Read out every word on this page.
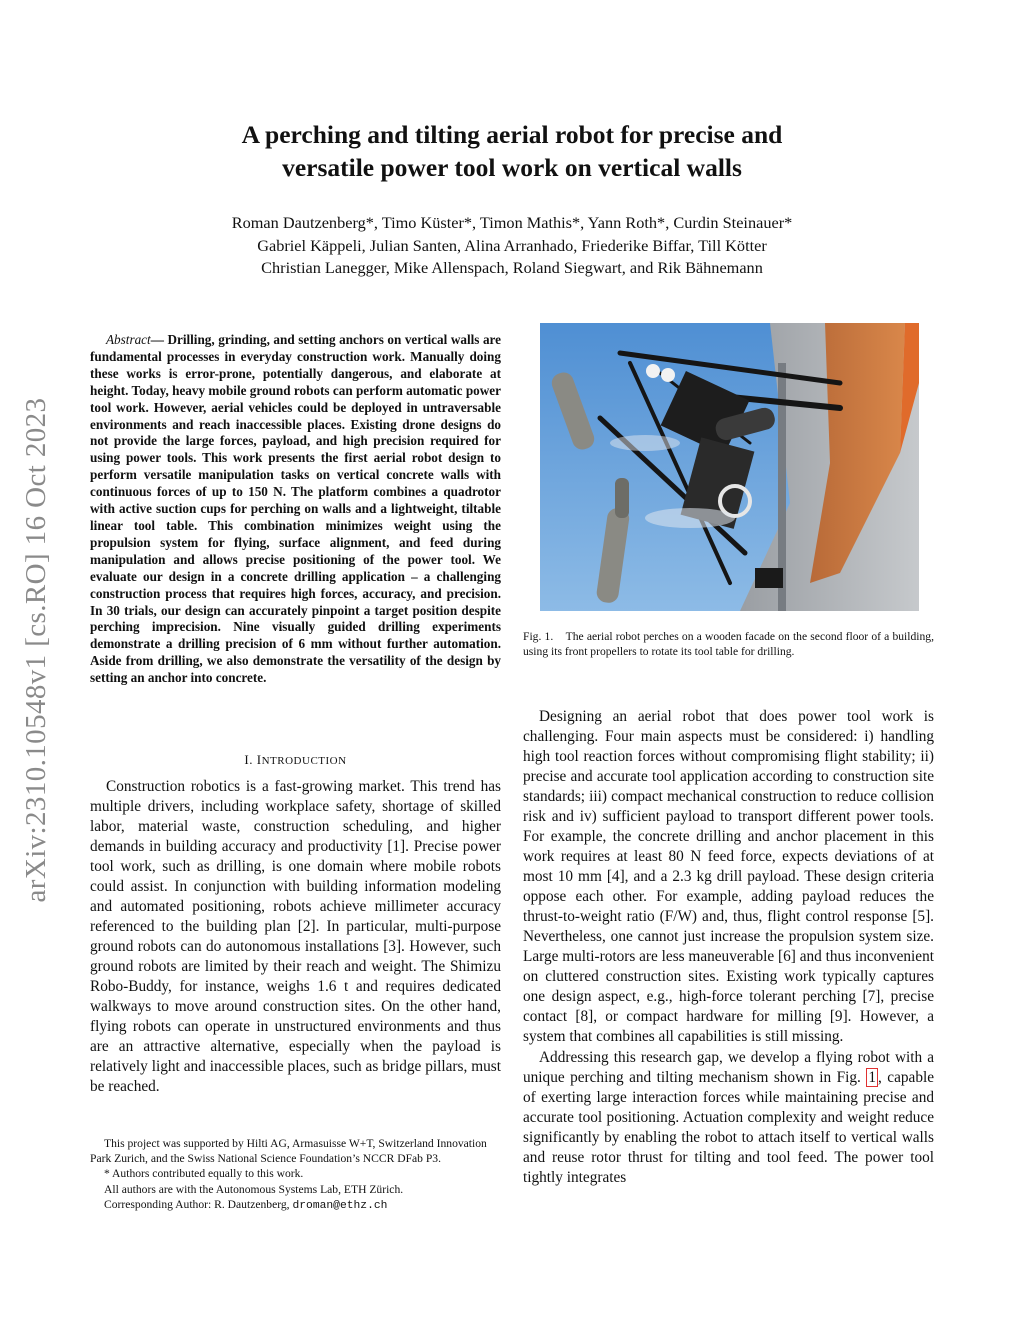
arXiv:2310.10548v1 [cs.RO] 16 Oct 2023
A perching and tilting aerial robot for precise and
versatile power tool work on vertical walls
Roman Dautzenberg*, Timo Küster*, Timon Mathis*, Yann Roth*, Curdin Steinauer*
Gabriel Käppeli, Julian Santen, Alina Arranhado, Friederike Biffar, Till Kötter
Christian Lanegger, Mike Allenspach, Roland Siegwart, and Rik Bähnemann
Abstract— Drilling, grinding, and setting anchors on vertical walls are fundamental processes in everyday construction work. Manually doing these works is error-prone, potentially dangerous, and elaborate at height. Today, heavy mobile ground robots can perform automatic power tool work. However, aerial vehicles could be deployed in untraversable environments and reach inaccessible places. Existing drone designs do not provide the large forces, payload, and high precision required for using power tools. This work presents the first aerial robot design to perform versatile manipulation tasks on vertical concrete walls with continuous forces of up to 150 N. The platform combines a quadrotor with active suction cups for perching on walls and a lightweight, tiltable linear tool table. This combination minimizes weight using the propulsion system for flying, surface alignment, and feed during manipulation and allows precise positioning of the power tool. We evaluate our design in a concrete drilling application – a challenging construction process that requires high forces, accuracy, and precision. In 30 trials, our design can accurately pinpoint a target position despite perching imprecision. Nine visually guided drilling experiments demonstrate a drilling precision of 6 mm without further automation. Aside from drilling, we also demonstrate the versatility of the design by setting an anchor into concrete.
I. INTRODUCTION

Construction robotics is a fast-growing market. This trend has multiple drivers, including workplace safety, shortage of skilled labor, material waste, construction scheduling, and higher demands in building accuracy and productivity [1]. Precise power tool work, such as drilling, is one domain where mobile robots could assist. In conjunction with building information modeling and automated positioning, robots achieve millimeter accuracy referenced to the building plan [2]. In particular, multi-purpose ground robots can do autonomous installations [3]. However, such ground robots are limited by their reach and weight. The Shimizu Robo-Buddy, for instance, weighs 1.6 t and requires dedicated walkways to move around construction sites. On the other hand, flying robots can operate in unstructured environments and thus are an attractive alternative, especially when the payload is relatively light and inaccessible places, such as bridge pillars, must be reached.

This project was supported by Hilti AG, Armasuisse W+T, Switzerland Innovation Park Zurich, and the Swiss National Science Foundation’s NCCR DFab P3.

* Authors contributed equally to this work.

All authors are with the Autonomous Systems Lab, ETH Zürich.

Corresponding Author: R. Dautzenberg, droman@ethz.ch

Fig. 1. The aerial robot perches on a wooden facade on the second floor of a building, using its front propellers to rotate its tool table for drilling.

Designing an aerial robot that does power tool work is challenging. Four main aspects must be considered: i) handling high tool reaction forces without compromising flight stability; ii) precise and accurate tool application according to construction site standards; iii) compact mechanical construction to reduce collision risk and iv) sufficient payload to transport different power tools. For example, the concrete drilling and anchor placement in this work requires at least 80 N feed force, expects deviations of at most 10 mm [4], and a 2.3 kg drill payload. These design criteria oppose each other. For example, adding payload reduces the thrust-to-weight ratio (F/W) and, thus, flight control response [5]. Nevertheless, one cannot just increase the propulsion system size. Large multi-rotors are less maneuverable [6] and thus inconvenient on cluttered construction sites. Existing work typically captures one design aspect, e.g., high-force tolerant perching [7], precise contact [8], or compact hardware for milling [9]. However, a system that combines all capabilities is still missing.

Addressing this research gap, we develop a flying robot with a unique perching and tilting mechanism shown in Fig. 1 , capable of exerting large interaction forces while maintaining precise and accurate tool positioning. Actuation complexity and weight reduce significantly by enabling the robot to attach itself to vertical walls and reuse rotor thrust for tilting and tool feed. The power tool tightly integrates
